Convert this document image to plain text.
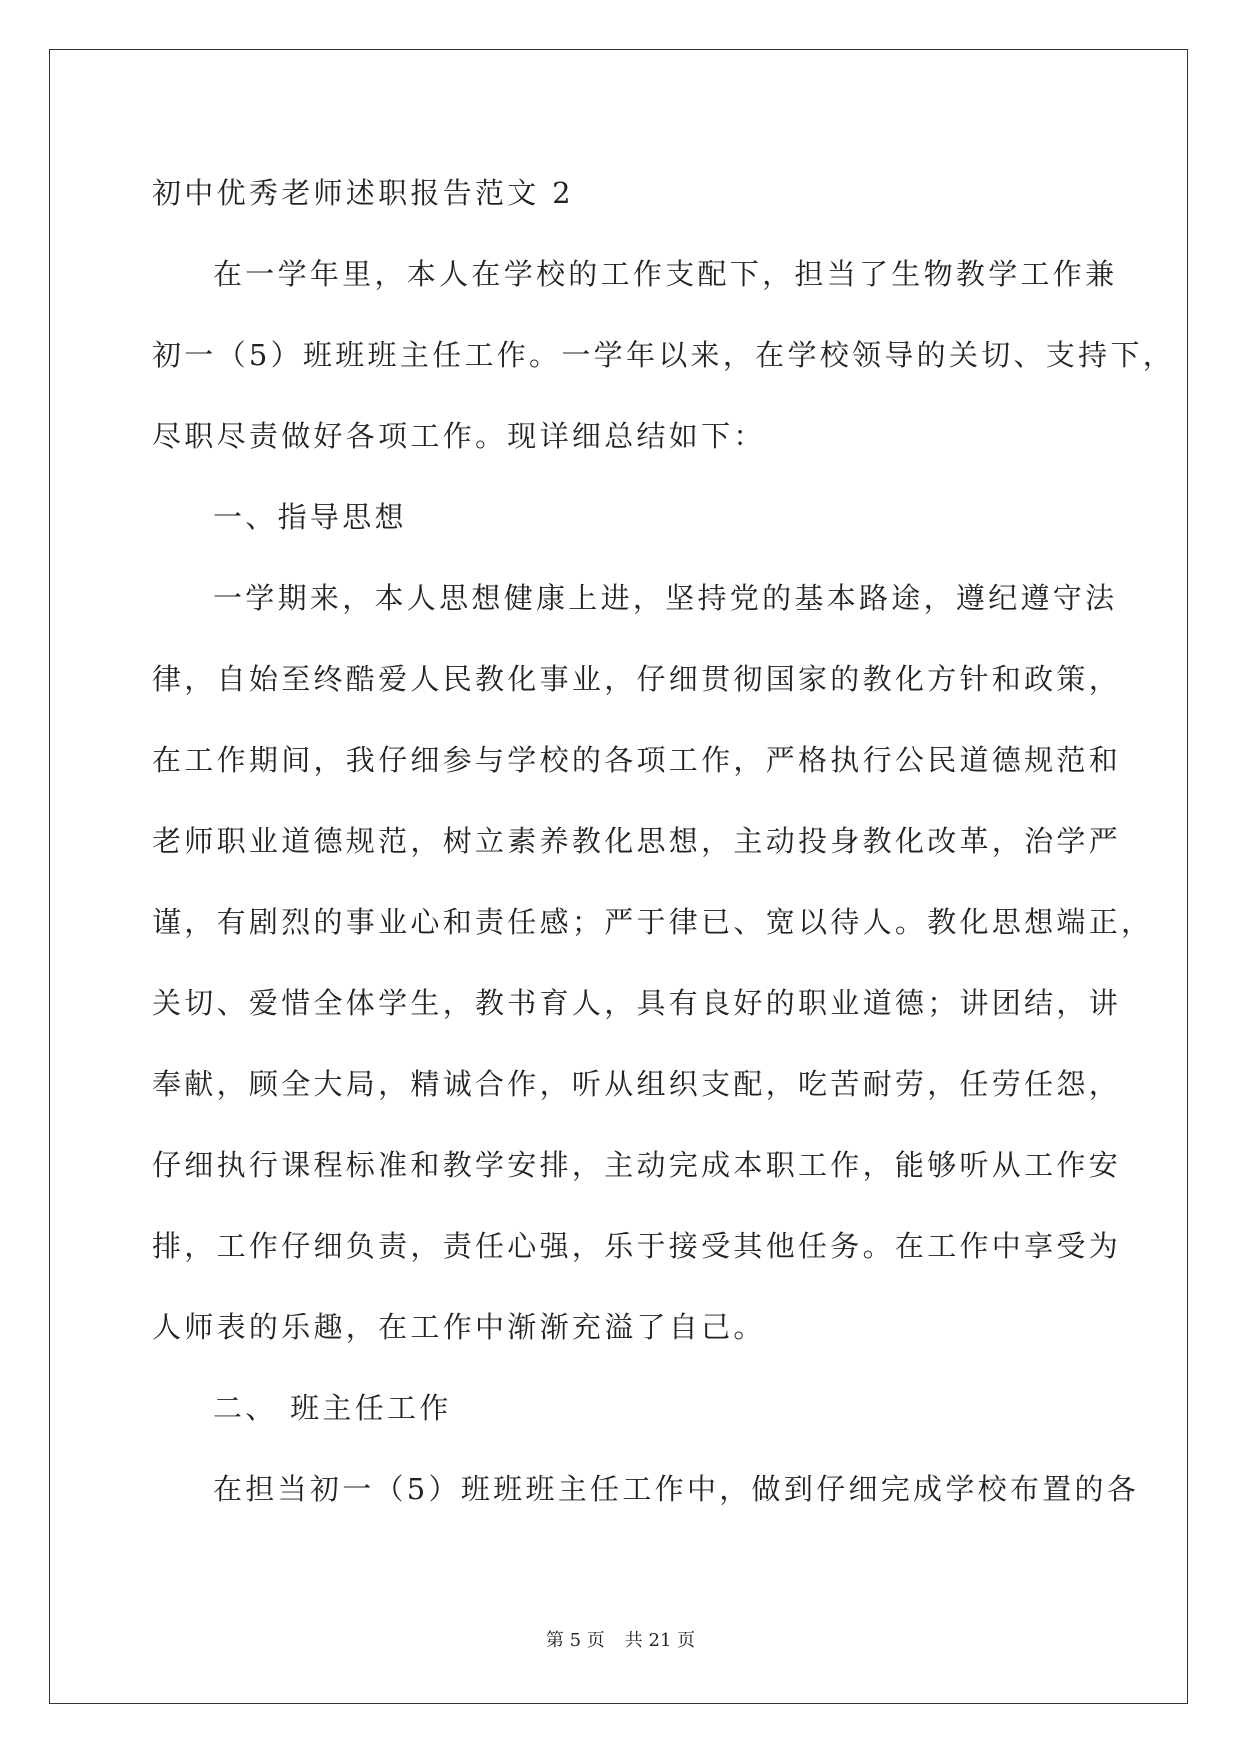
初中优秀老师述职报告范文 2
在一学年里，本人在学校的工作支配下，担当了生物教学工作兼
初一（5）班班班主任工作。一学年以来，在学校领导的关切、支持下，
尽职尽责做好各项工作。现详细总结如下：
一、指导思想
一学期来，本人思想健康上进，坚持党的基本路途，遵纪遵守法
律，自始至终酷爱人民教化事业，仔细贯彻国家的教化方针和政策，
在工作期间，我仔细参与学校的各项工作，严格执行公民道德规范和
老师职业道德规范，树立素养教化思想，主动投身教化改革，治学严
谨，有剧烈的事业心和责任感；严于律已、宽以待人。教化思想端正，
关切、爱惜全体学生，教书育人，具有良好的职业道德；讲团结，讲
奉献，顾全大局，精诚合作，听从组织支配，吃苦耐劳，任劳任怨，
仔细执行课程标准和教学安排，主动完成本职工作，能够听从工作安
排，工作仔细负责，责任心强，乐于接受其他任务。在工作中享受为
人师表的乐趣，在工作中渐渐充溢了自己。
二、 班主任工作
在担当初一（5）班班班主任工作中，做到仔细完成学校布置的各
第 5 页 共 21 页
